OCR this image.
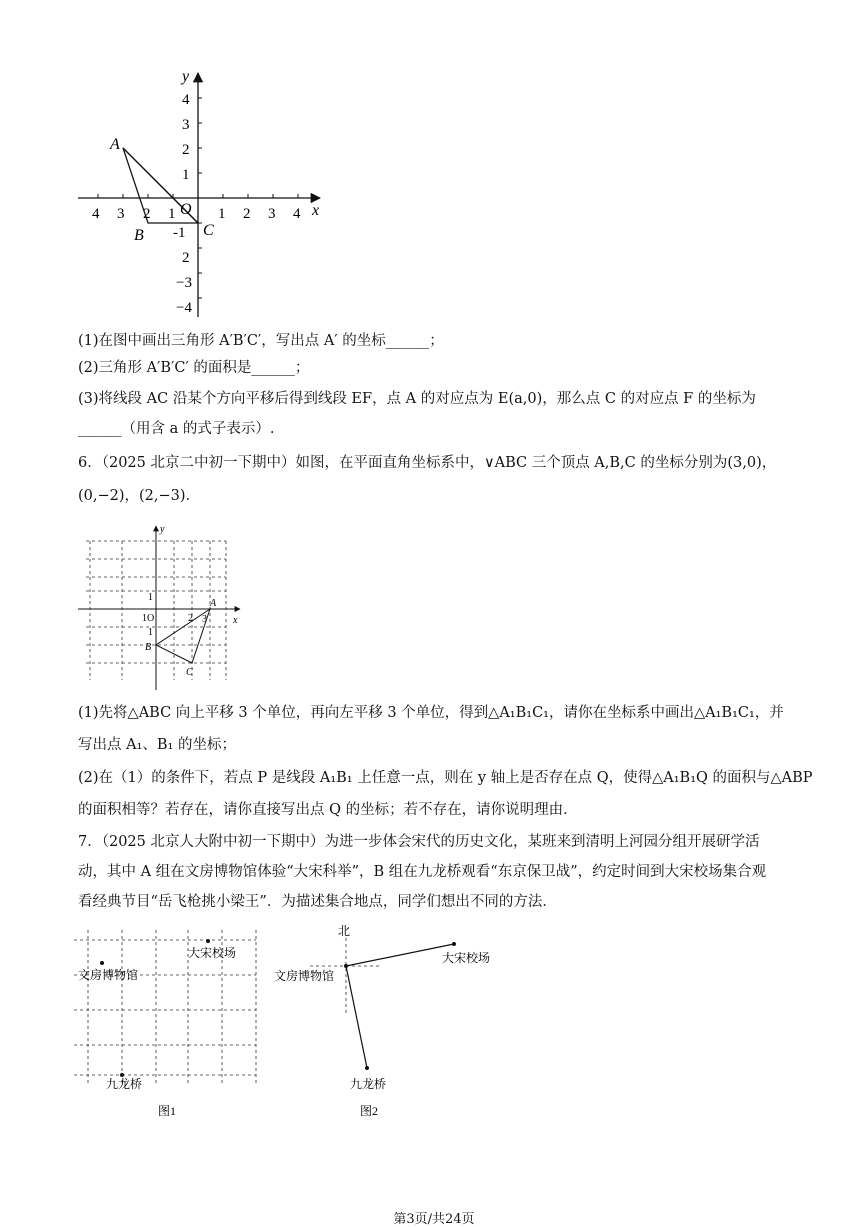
4 3 2 1	1 2 3 4
4
3
2
1
-1
2
−3
−4
x
y
O
A
B	C
(1)在图中画出三角形 A′B′C′，写出点 A′ 的坐标______；
(2)三角形 A′B′C′ 的面积是______；
(3)将线段 AC 沿某个方向平移后得到线段 EF，点 A 的对应点为 E(a,0)，那么点 C 的对应点 F 的坐标为
______（用含 a 的式子表示）.
6．（2025 北京二中初一下期中）如图，在平面直角坐标系中，∨ABC 三个顶点 A,B,C 的坐标分别为(3,0)，
(0,−2)，(2,−3)．
y
x
1O
1
1
2 3
A
B
C
(1)先将△ABC 向上平移 3 个单位，再向左平移 3 个单位，得到△A₁B₁C₁，请你在坐标系中画出△A₁B₁C₁，并
写出点 A₁、B₁ 的坐标；
(2)在（1）的条件下，若点 P 是线段 A₁B₁ 上任意一点，则在 y 轴上是否存在点 Q，使得△A₁B₁Q 的面积与△ABP
的面积相等？若存在，请你直接写出点 Q 的坐标；若不存在，请你说明理由．
7．（2025 北京人大附中初一下期中）为进一步体会宋代的历史文化，某班来到清明上河园分组开展研学活
动，其中 A 组在文房博物馆体验“大宋科举”，B 组在九龙桥观看“东京保卫战”，约定时间到大宋校场集合观
看经典节目“岳飞枪挑小梁王”．为描述集合地点，同学们想出不同的方法．
大宋校场
文房博物馆
九龙桥
图1
北
大宋校场
文房博物馆
九龙桥
图2
第3页/共24页
